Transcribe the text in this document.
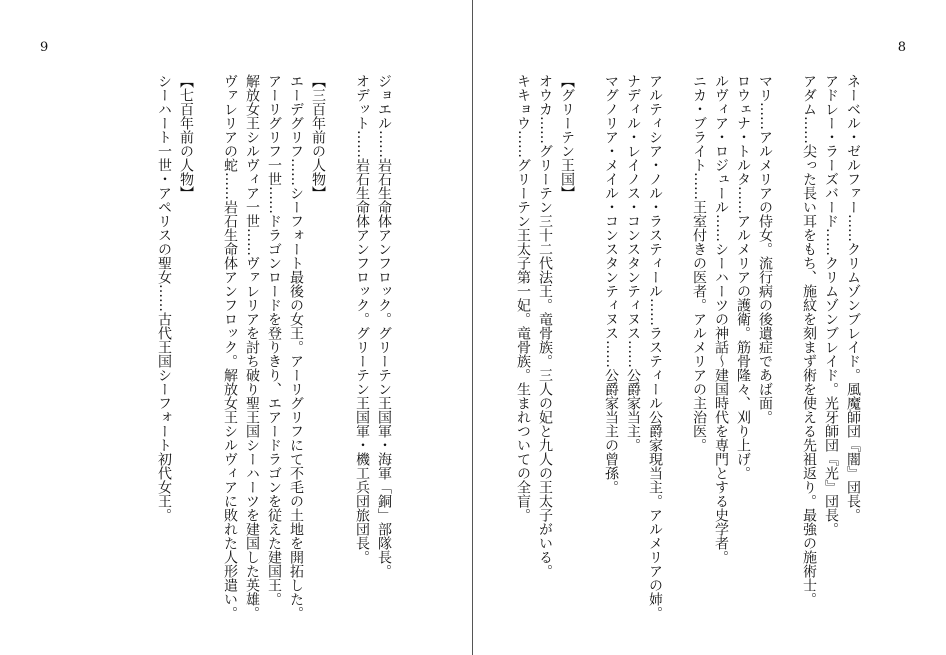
9
ジョエル……岩石生命体アンフロック。グリーテン王国軍・海軍「銅」部隊長。
オデット……岩石生命体アンフロック。グリーテン王国軍・機工兵団旅団長。

【三百年前の人物】
エーデグリフ……シーフォート最後の女王。アーリグリフにて不毛の土地を開拓した。
アーリグリフ一世……ドラゴンロードを登りきり、エアードラゴンを従えた建国王。
解放女王シルヴィア一世……ヴァレリアを討ち破り聖王国シーハーツを建国した英雄。
ヴァレリアの蛇……岩石生命体アンフロック。解放女王シルヴィアに敗れた人形遣い。

【七百年前の人物】
シーハート一世・アペリスの聖女……古代王国シーフォート初代女王。
8
ネーベル・ゼルファー……クリムゾンブレイド。風魔師団『闇』団長。
アドレー・ラーズバード……クリムゾンブレイド。光牙師団『光』団長。
アダム……尖った長い耳をもち、施紋を刻まず術を使える先祖返り。最強の施術士。

マリ……アルメリアの侍女。流行病の後遺症であば面。
ロウェナ・トルタ……アルメリアの護衛。筋骨隆々、刈り上げ。
ルヴィア・ロジュール……シーハーツの神話～建国時代を専門とする史学者。
ニカ・ブライト……王室付きの医者。アルメリアの主治医。

アルティシア・ノル・ラスティール……ラスティール公爵家現当主。アルメリアの姉。
ナディル・レイノス・コンスタンティヌス……公爵家当主。
マグノリア・メイル・コンスタンティヌス……公爵家当主の曾孫。

【グリーテン王国】
オウカ……グリーテン三十二代法王。竜骨族。三人の妃と九人の王太子がいる。
キキョウ……グリーテン王太子第一妃。竜骨族。生まれついての全盲。
